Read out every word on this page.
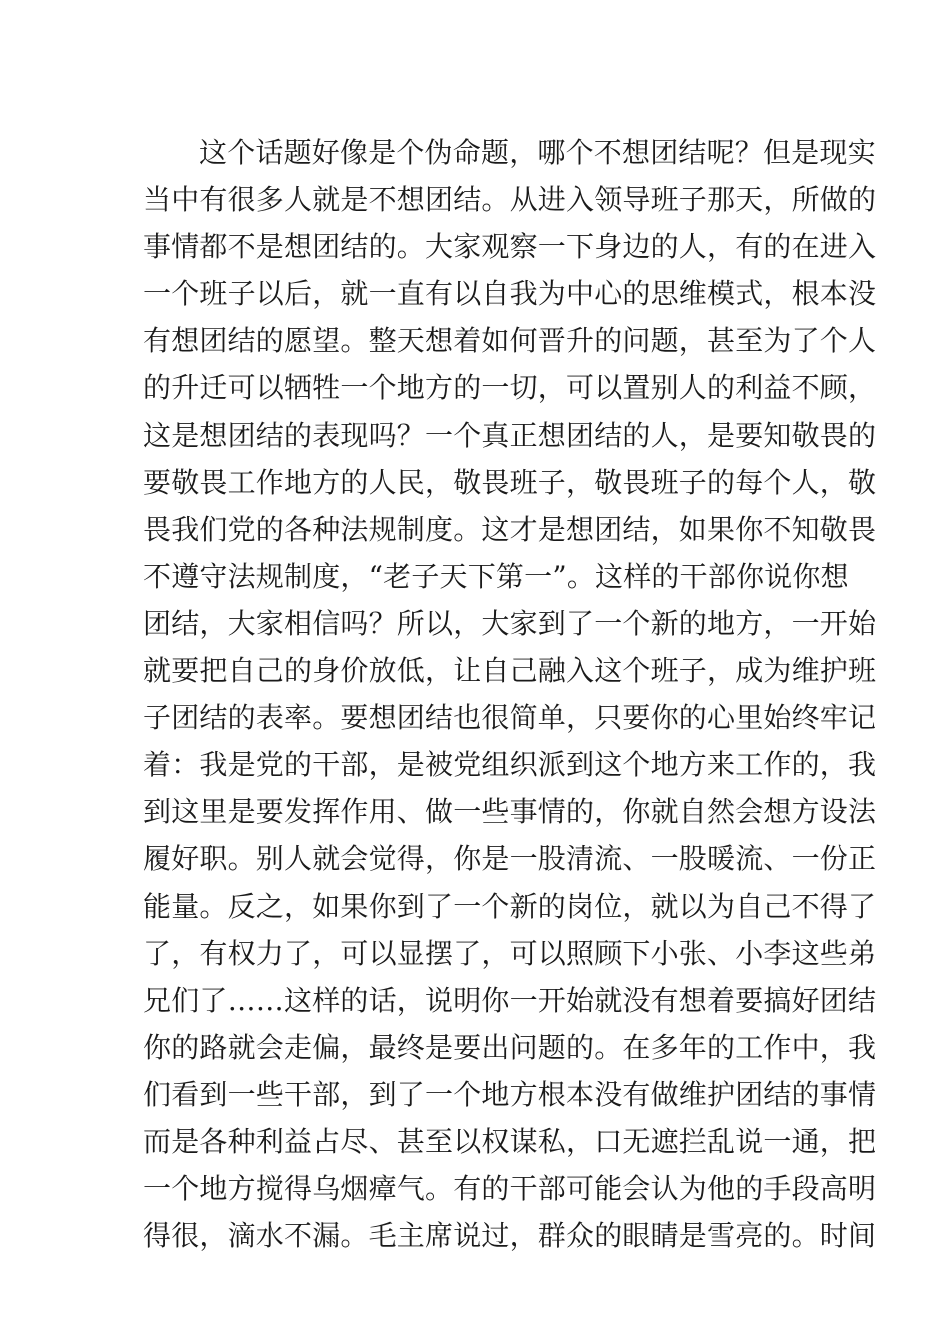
这个话题好像是个伪命题，哪个不想团结呢？但是现实
当中有很多人就是不想团结。从进入领导班子那天，所做的
事情都不是想团结的。大家观察一下身边的人，有的在进入
一个班子以后，就一直有以自我为中心的思维模式，根本没
有想团结的愿望。整天想着如何晋升的问题，甚至为了个人
的升迁可以牺牲一个地方的一切，可以置别人的利益不顾，
这是想团结的表现吗？一个真正想团结的人，是要知敬畏的
要敬畏工作地方的人民，敬畏班子，敬畏班子的每个人，敬
畏我们党的各种法规制度。这才是想团结，如果你不知敬畏
不遵守法规制度，“老子天下第一”。这样的干部你说你想
团结，大家相信吗？所以，大家到了一个新的地方，一开始
就要把自己的身价放低，让自己融入这个班子，成为维护班
子团结的表率。要想团结也很简单，只要你的心里始终牢记
着：我是党的干部，是被党组织派到这个地方来工作的，我
到这里是要发挥作用、做一些事情的，你就自然会想方设法
履好职。别人就会觉得，你是一股清流、一股暖流、一份正
能量。反之，如果你到了一个新的岗位，就以为自己不得了
了，有权力了，可以显摆了，可以照顾下小张、小李这些弟
兄们了……这样的话，说明你一开始就没有想着要搞好团结
你的路就会走偏，最终是要出问题的。在多年的工作中，我
们看到一些干部，到了一个地方根本没有做维护团结的事情
而是各种利益占尽、甚至以权谋私，口无遮拦乱说一通，把
一个地方搅得乌烟瘴气。有的干部可能会认为他的手段高明
得很，滴水不漏。毛主席说过，群众的眼睛是雪亮的。时间
